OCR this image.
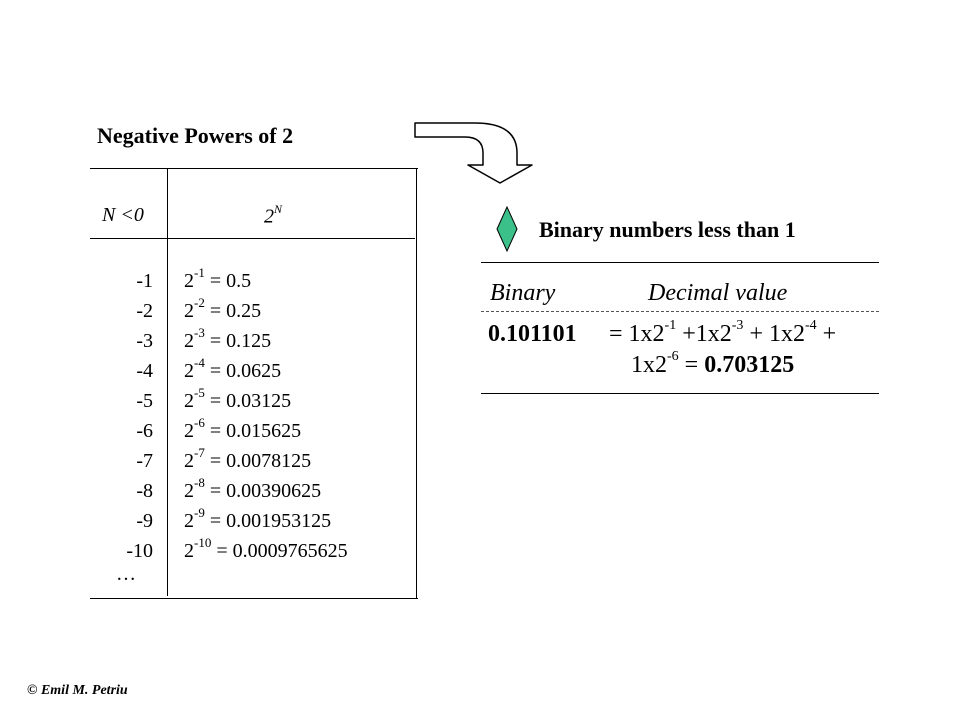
Negative Powers of 2
N <0	$2^N$
-1 $2^{-1} = 0.5$
-2 $2^{-2} = 0.25$
-3 $2^{-3} = 0.125$
-4 $2^{-4} = 0.0625$
-5 $2^{-5} = 0.03125$
-6 $2^{-6} = 0.015625$
-7 $2^{-7} = 0.0078125$
-8 $2^{-8} = 0.00390625$
-9 $2^{-9} = 0.001953125$
-10 $2^{-10} = 0.0009765625$
…
Binary numbers less than 1
Binary	Decimal value
$0.101101 = 1x2^{-1} +1x2^{-3} + 1x2^{-4}$ +
$1x2^{-6} = 0.703125$
© Emil M. Petriu
